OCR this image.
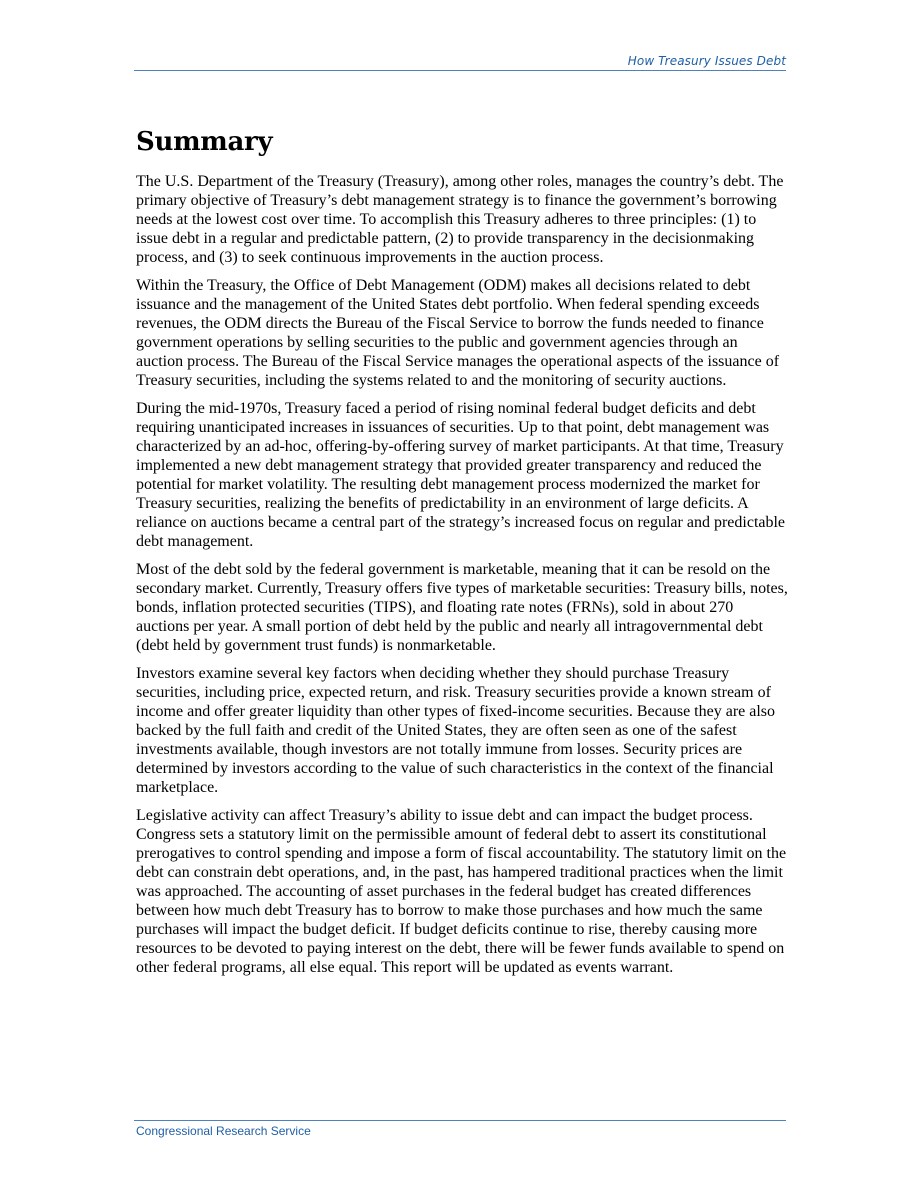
How Treasury Issues Debt
Summary

The U.S. Department of the Treasury (Treasury), among other roles, manages the country’s debt. The primary objective of Treasury’s debt management strategy is to finance the government’s borrowing needs at the lowest cost over time. To accomplish this Treasury adheres to three principles: (1) to issue debt in a regular and predictable pattern, (2) to provide transparency in the decisionmaking process, and (3) to seek continuous improvements in the auction process.

Within the Treasury, the Office of Debt Management (ODM) makes all decisions related to debt issuance and the management of the United States debt portfolio. When federal spending exceeds revenues, the ODM directs the Bureau of the Fiscal Service to borrow the funds needed to finance government operations by selling securities to the public and government agencies through an auction process. The Bureau of the Fiscal Service manages the operational aspects of the issuance of Treasury securities, including the systems related to and the monitoring of security auctions.

During the mid-1970s, Treasury faced a period of rising nominal federal budget deficits and debt requiring unanticipated increases in issuances of securities. Up to that point, debt management was characterized by an ad-hoc, offering-by-offering survey of market participants. At that time, Treasury implemented a new debt management strategy that provided greater transparency and reduced the potential for market volatility. The resulting debt management process modernized the market for Treasury securities, realizing the benefits of predictability in an environment of large deficits. A reliance on auctions became a central part of the strategy’s increased focus on regular and predictable debt management.

Most of the debt sold by the federal government is marketable, meaning that it can be resold on the secondary market. Currently, Treasury offers five types of marketable securities: Treasury bills, notes, bonds, inflation protected securities (TIPS), and floating rate notes (FRNs), sold in about 270 auctions per year. A small portion of debt held by the public and nearly all intragovernmental debt (debt held by government trust funds) is nonmarketable.

Investors examine several key factors when deciding whether they should purchase Treasury securities, including price, expected return, and risk. Treasury securities provide a known stream of income and offer greater liquidity than other types of fixed-income securities. Because they are also backed by the full faith and credit of the United States, they are often seen as one of the safest investments available, though investors are not totally immune from losses. Security prices are determined by investors according to the value of such characteristics in the context of the financial marketplace.

Legislative activity can affect Treasury’s ability to issue debt and can impact the budget process. Congress sets a statutory limit on the permissible amount of federal debt to assert its constitutional prerogatives to control spending and impose a form of fiscal accountability. The statutory limit on the debt can constrain debt operations, and, in the past, has hampered traditional practices when the limit was approached. The accounting of asset purchases in the federal budget has created differences between how much debt Treasury has to borrow to make those purchases and how much the same purchases will impact the budget deficit. If budget deficits continue to rise, thereby causing more resources to be devoted to paying interest on the debt, there will be fewer funds available to spend on other federal programs, all else equal. This report will be updated as events warrant.

Congressional Research Service
